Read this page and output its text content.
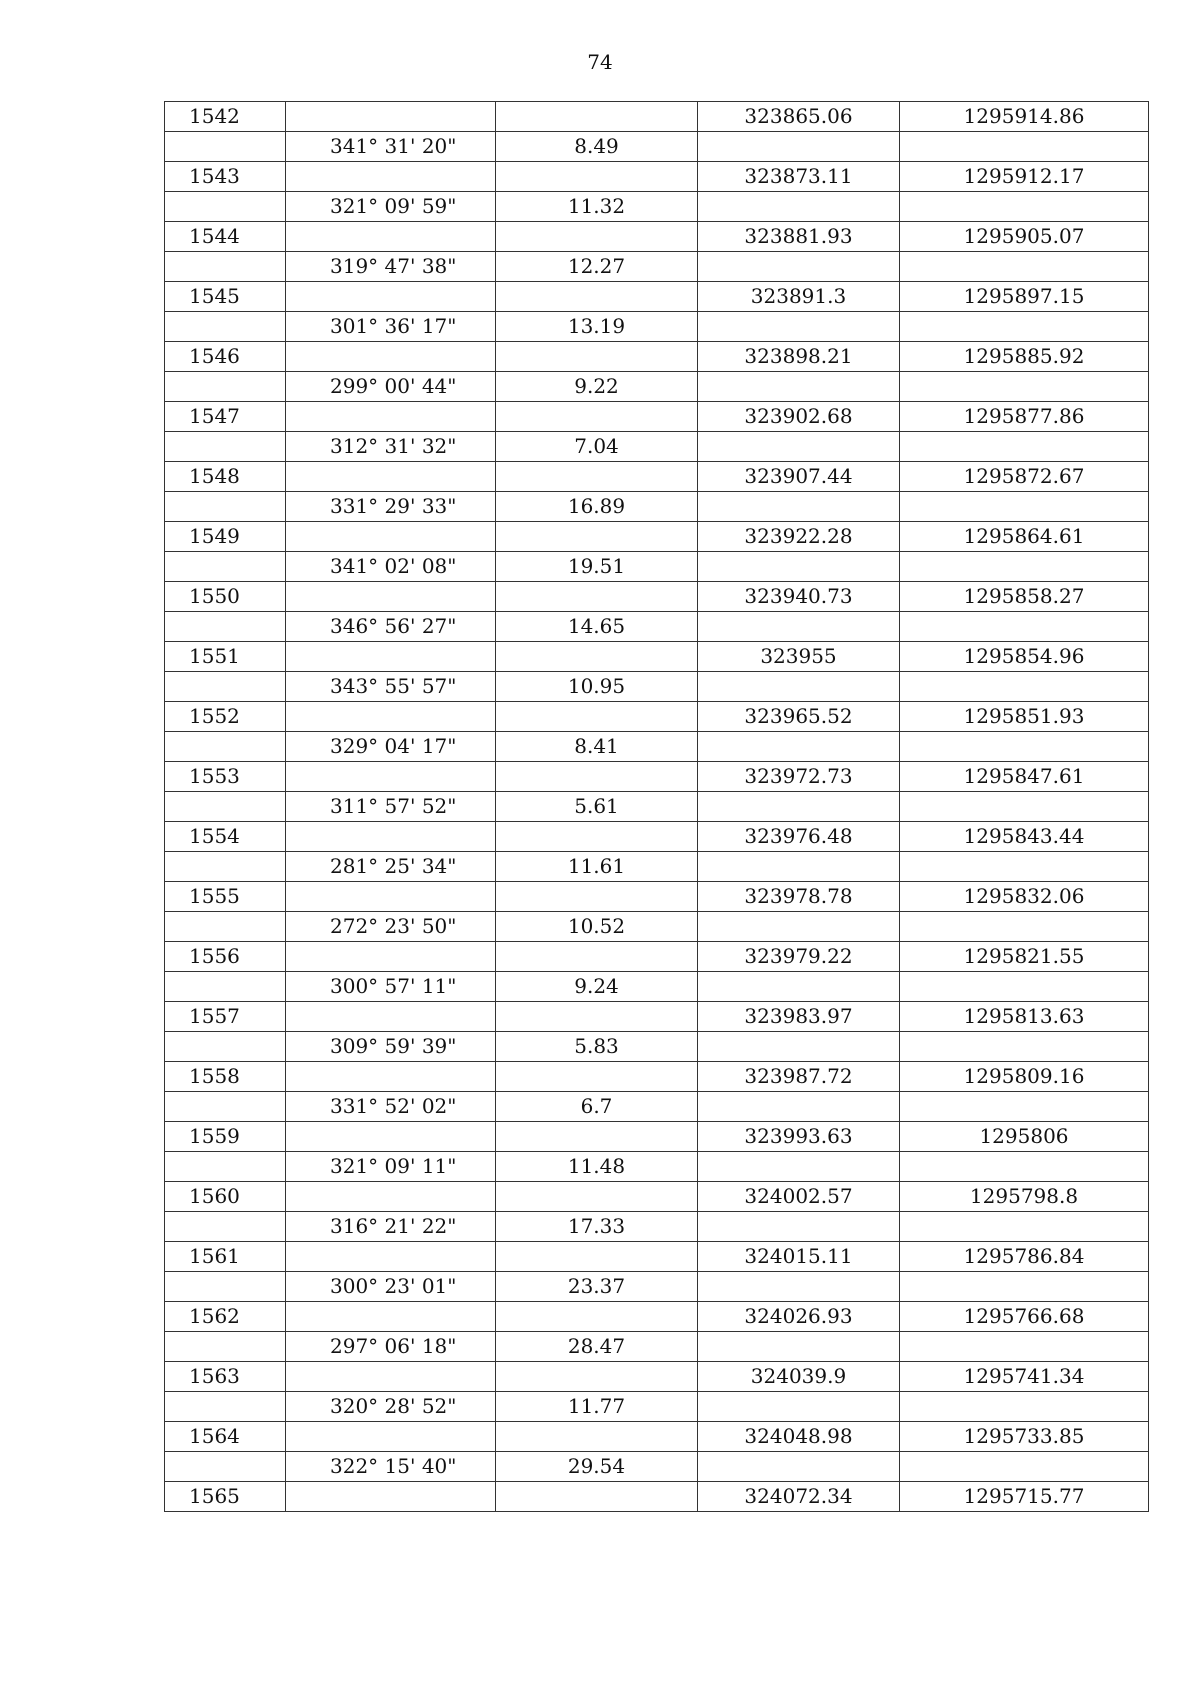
74
1542			323865.06	1295914.86
	341° 31' 20"	8.49		
1543			323873.11	1295912.17
	321° 09' 59"	11.32		
1544			323881.93	1295905.07
	319° 47' 38"	12.27		
1545			323891.3	1295897.15
	301° 36' 17"	13.19		
1546			323898.21	1295885.92
	299° 00' 44"	9.22		
1547			323902.68	1295877.86
	312° 31' 32"	7.04		
1548			323907.44	1295872.67
	331° 29' 33"	16.89		
1549			323922.28	1295864.61
	341° 02' 08"	19.51		
1550			323940.73	1295858.27
	346° 56' 27"	14.65		
1551			323955	1295854.96
	343° 55' 57"	10.95		
1552			323965.52	1295851.93
	329° 04' 17"	8.41		
1553			323972.73	1295847.61
	311° 57' 52"	5.61		
1554			323976.48	1295843.44
	281° 25' 34"	11.61		
1555			323978.78	1295832.06
	272° 23' 50"	10.52		
1556			323979.22	1295821.55
	300° 57' 11"	9.24		
1557			323983.97	1295813.63
	309° 59' 39"	5.83		
1558			323987.72	1295809.16
	331° 52' 02"	6.7		
1559			323993.63	1295806
	321° 09' 11"	11.48		
1560			324002.57	1295798.8
	316° 21' 22"	17.33		
1561			324015.11	1295786.84
	300° 23' 01"	23.37		
1562			324026.93	1295766.68
	297° 06' 18"	28.47		
1563			324039.9	1295741.34
	320° 28' 52"	11.77		
1564			324048.98	1295733.85
	322° 15' 40"	29.54		
1565			324072.34	1295715.77
